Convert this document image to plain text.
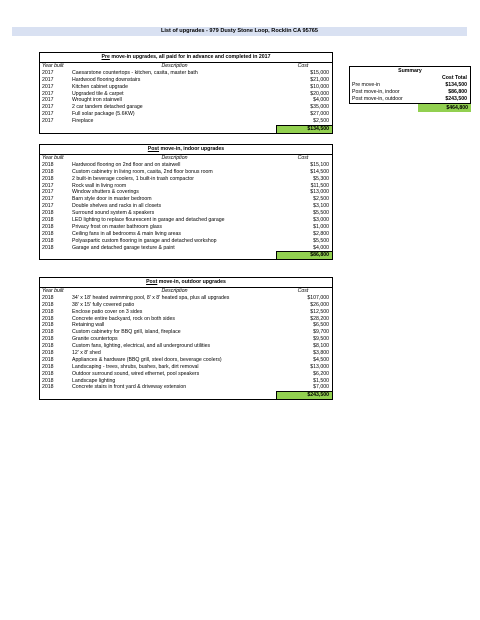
List of upgrades - 979 Dusty Stone Loop, Rocklin CA 95765
Pre move-in upgrades, all paid for in advance and completed in 2017
Year built	Description	Cost
2017	Caesarstone countertops - kitchen, casita, master bath	$15,000
2017	Hardwood flooring downstairs	$21,000
2017	Kitchen cabinet upgrade	$10,000
2017	Upgraded tile & carpet	$20,000
2017	Wrought iron stairwell	$4,000
2017	2 car tandem detached garage	$35,000
2017	Full solar package (5.6KW)	$27,000
2017	Fireplace	$2,500
$134,500
Post move-in, indoor upgrades
Year built	Description	Cost
2018	Hardwood flooring on 2nd floor and on stairwell	$15,100
2018	Custom cabinetry in living room, casita, 2nd floor bonus room	$14,500
2018	2 built-in beverage coolers, 1 built-in trash compactor	$5,300
2017	Rock wall in living room	$11,500
2017	Window shutters & coverings	$13,000
2017	Barn style door in master bedroom	$2,500
2017	Double shelves and racks in all closets	$3,100
2018	Surround sound system & speakers	$5,500
2018	LED lighting to replace flourescent in garage and detached garage	$3,000
2018	Privacy frost on master bathroom glass	$1,000
2018	Ceiling fans in all bedrooms & main living areas	$2,800
2018	Polyaspartic custom flooring in garage and detached workshop	$5,500
2018	Garage and detached garage texture & paint	$4,000
$86,800
Post move-in, outdoor upgrades
Year built	Description	Cost
2018	34' x 18' heated swimming pool, 8' x 8' heated spa, plus all upgrades	$107,000
2018	38' x 15' fully covered patio	$26,000
2018	Enclose patio cover on 3 sides	$12,500
2018	Concrete entire backyard, rock on both sides	$28,200
2018	Retaining wall	$6,500
2018	Custom cabinetry for BBQ grill, island, fireplace	$9,700
2018	Granite countertops	$9,500
2018	Custom fans, lighting, electrical, and all underground utilities	$8,100
2018	12' x 8' shed	$3,800
2018	Appliances & hardware (BBQ grill, steel doors, beverage coolers)	$4,500
2018	Landscaping - trees, shrubs, bushes, bark, dirt removal	$13,000
2018	Outdoor surround sound, wired ethernet, pool speakers	$6,200
2018	Landscape lighting	$1,500
2018	Concrete stairs in front yard & driveway extension	$7,000
$243,500
Summary
Cost Total
Pre move-in	$134,500
Post move-in, indoor	$86,800
Post move-in, outdoor	$243,500
$464,800
